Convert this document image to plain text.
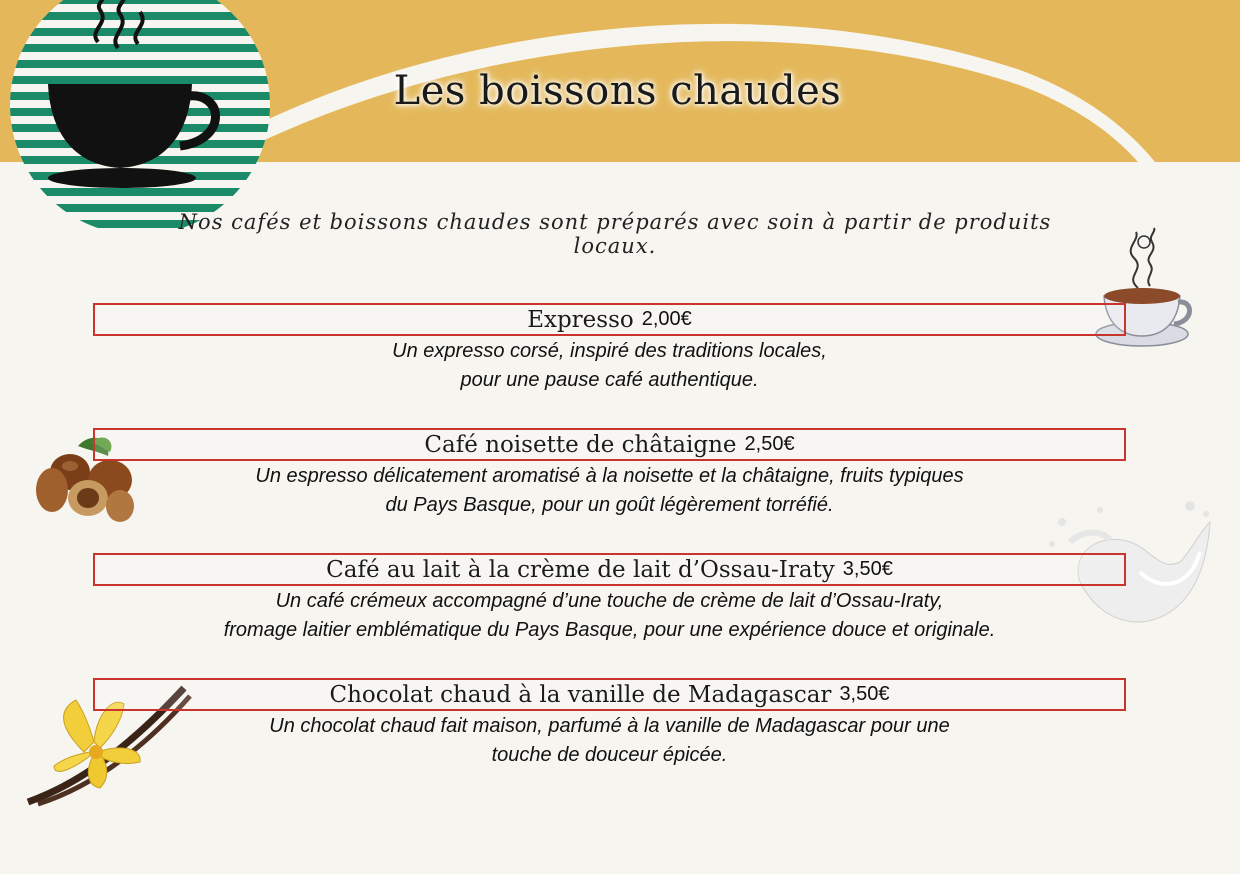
Les boissons chaudes
Nos cafés et boissons chaudes sont préparés avec soin à partir de produits locaux.
Expresso 2,00€
Un expresso corsé, inspiré des traditions locales,
pour une pause café authentique.
Café noisette de châtaigne 2,50€
Un espresso délicatement aromatisé à la noisette et la châtaigne, fruits typiques
du Pays Basque, pour un goût légèrement torréfié.
Café au lait à la crème de lait d’Ossau-Iraty 3,50€
Un café crémeux accompagné d’une touche de crème de lait d’Ossau-Iraty,
fromage laitier emblématique du Pays Basque, pour une expérience douce et originale.
Chocolat chaud à la vanille de Madagascar 3,50€
Un chocolat chaud fait maison, parfumé à la vanille de Madagascar pour une
touche de douceur épicée.
